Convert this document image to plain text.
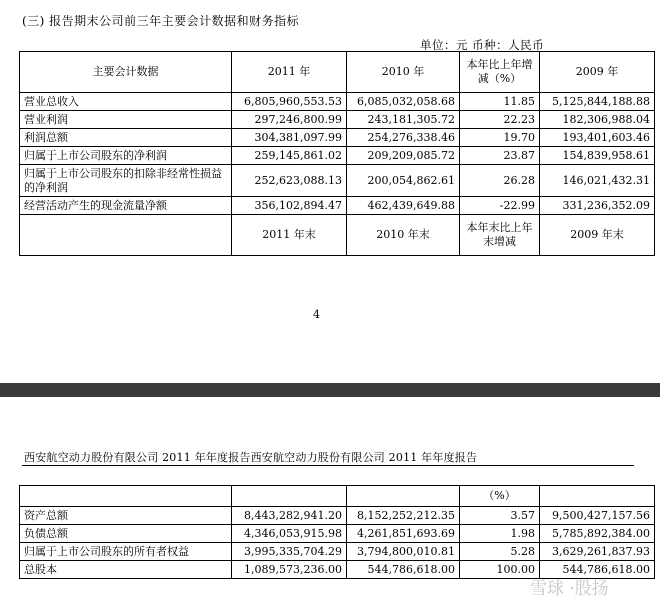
(三) 报告期末公司前三年主要会计数据和财务指标
单位：元 币种：人民币
主要会计数据	2011 年	2010 年	本年比上年增减（%）	2009 年
营业总收入	6,805,960,553.53	6,085,032,058.68	11.85	5,125,844,188.88
营业利润	297,246,800.99	243,181,305.72	22.23	182,306,988.04
利润总额	304,381,097.99	254,276,338.46	19.70	193,401,603.46
归属于上市公司股东的净利润	259,145,861.02	209,209,085.72	23.87	154,839,958.61
归属于上市公司股东的扣除非经常性损益的净利润	252,623,088.13	200,054,862.61	26.28	146,021,432.31
经营活动产生的现金流量净额	356,102,894.47	462,439,649.88	-22.99	331,236,352.09
	2011 年末	2010 年末	本年末比上年末增减	2009 年末
4
西安航空动力股份有限公司 2011 年年度报告西安航空动力股份有限公司 2011 年年度报告
			（%）	
资产总额	8,443,282,941.20	8,152,252,212.35	3.57	9,500,427,157.56
负债总额	4,346,053,915.98	4,261,851,693.69	1.98	5,785,892,384.00
归属于上市公司股东的所有者权益	3,995,335,704.29	3,794,800,010.81	5.28	3,629,261,837.93
总股本	1,089,573,236.00	544,786,618.00	100.00	544,786,618.00
雪球 ·股扬
